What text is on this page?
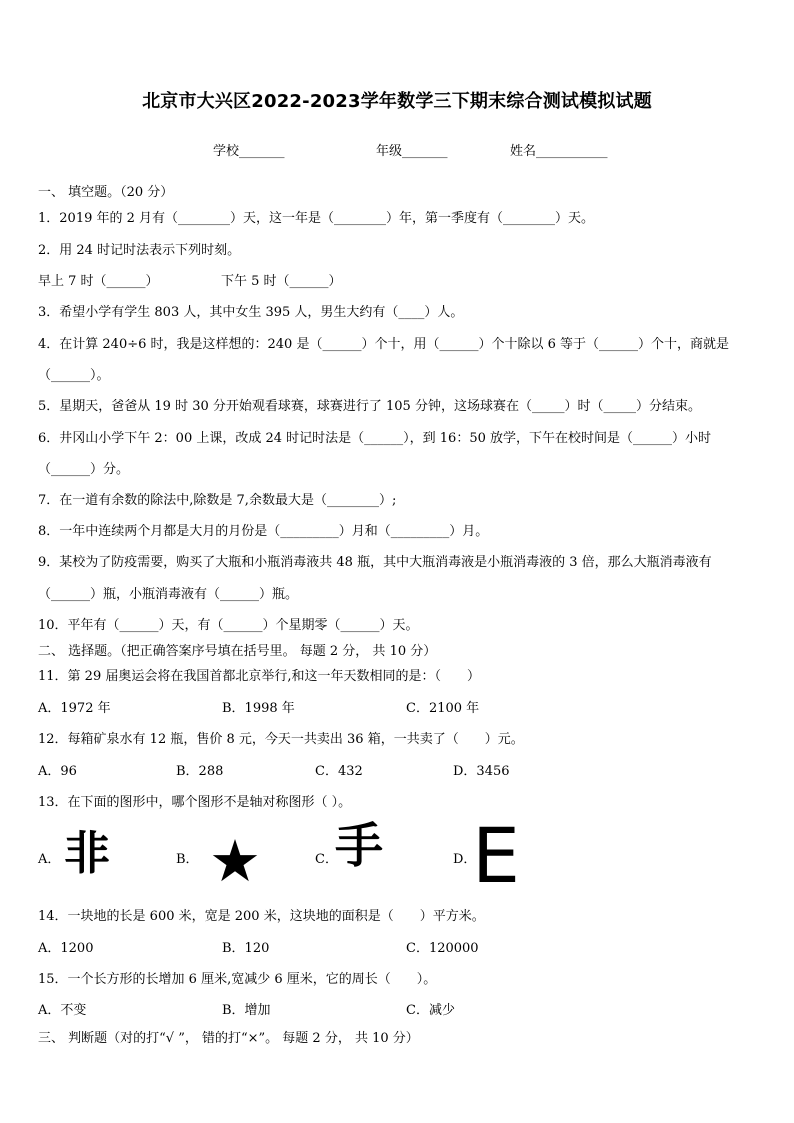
北京市大兴区2022-2023学年数学三下期末综合测试模拟试题
学校_______	年级_______	姓名___________
一、 填空题。（20 分）
1．2019 年的 2 月有（________）天，这一年是（________）年，第一季度有（________）天。
2．用 24 时记时法表示下列时刻。
早上 7 时（______）	下午 5 时（______）
3．希望小学有学生 803 人，其中女生 395 人，男生大约有（____）人。
4．在计算 240÷6 时，我是这样想的：240 是（______）个十，用（______）个十除以 6 等于（______）个十，商就是
（______）。
5．星期天，爸爸从 19 时 30 分开始观看球赛，球赛进行了 105 分钟，这场球赛在（_____）时（_____）分结束。
6．井冈山小学下午 2：00 上课，改成 24 时记时法是（______），到 16：50 放学，下午在校时间是（______）小时
（______）分。
7．在一道有余数的除法中,除数是 7,余数最大是（________）;
8．一年中连续两个月都是大月的月份是（_________）月和（_________）月。
9．某校为了防疫需要，购买了大瓶和小瓶消毒液共 48 瓶，其中大瓶消毒液是小瓶消毒液的 3 倍，那么大瓶消毒液有
（______）瓶，小瓶消毒液有（______）瓶。
10．平年有（______）天，有（______）个星期零（______）天。
二、 选择题。（把正确答案序号填在括号里。 每题 2 分， 共 10 分）
11．第 29 届奥运会将在我国首都北京举行,和这一年天数相同的是：（　　）
A．1972 年	B．1998 年	C．2100 年
12．每箱矿泉水有 12 瓶，售价 8 元，今天一共卖出 36 箱，一共卖了（　　）元。
A．96	B．288	C．432	D．3456
13．在下面的图形中，哪个图形不是轴对称图形（ ）。
A． 非	B． ★	C．
手	D．
E
14．一块地的长是 600 米，宽是 200 米，这块地的面积是（　　）平方米。
A．1200	B．120	C．120000
15．一个长方形的长增加 6 厘米,宽减少 6 厘米，它的周长（　　）。
A．不变	B．增加	C．减少
三、 判断题（对的打“√ ”， 错的打“×”。 每题 2 分， 共 10 分）
